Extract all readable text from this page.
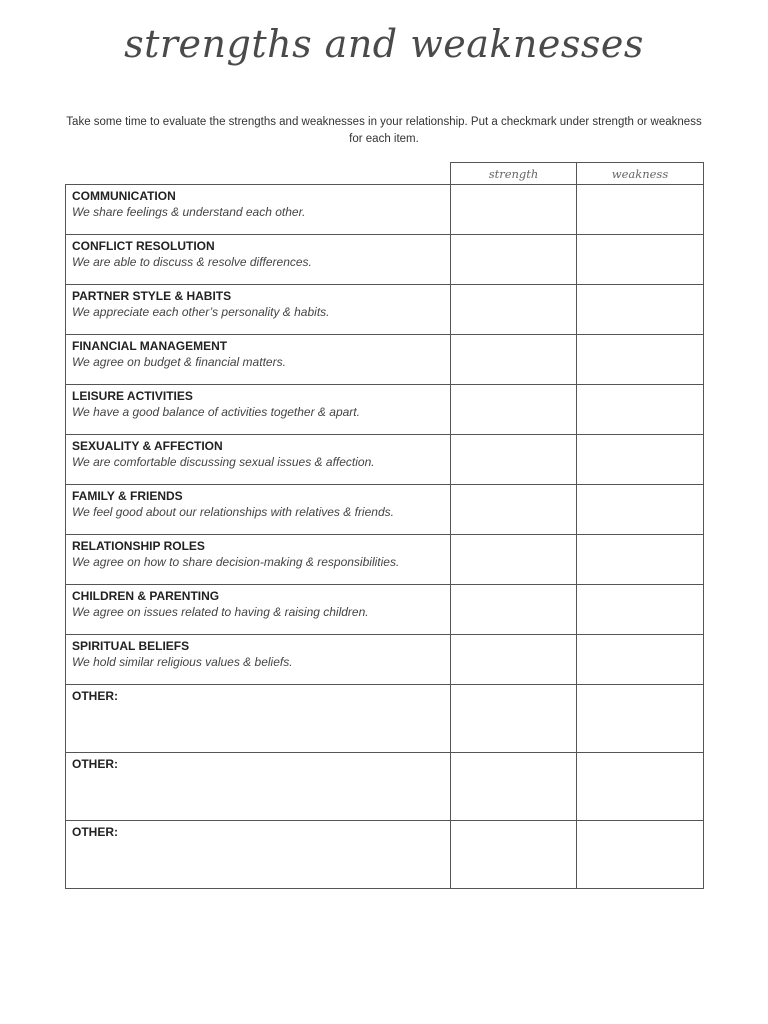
strengths and weaknesses
Take some time to evaluate the strengths and weaknesses in your relationship. Put a checkmark under strength or weakness for each item.
	strength	weakness

COMMUNICATION
We share feelings & understand each other.		

CONFLICT RESOLUTION
We are able to discuss & resolve differences.		

PARTNER STYLE & HABITS
We appreciate each other’s personality & habits.		

FINANCIAL MANAGEMENT
We agree on budget & financial matters.		

LEISURE ACTIVITIES
We have a good balance of activities together & apart.		

SEXUALITY & AFFECTION
We are comfortable discussing sexual issues & affection.		

FAMILY & FRIENDS
We feel good about our relationships with relatives & friends.		

RELATIONSHIP ROLES
We agree on how to share decision-making & responsibilities.		

CHILDREN & PARENTING
We agree on issues related to having & raising children.		

SPIRITUAL BELIEFS
We hold similar religious values & beliefs.		

OTHER:		

OTHER:		

OTHER:		
